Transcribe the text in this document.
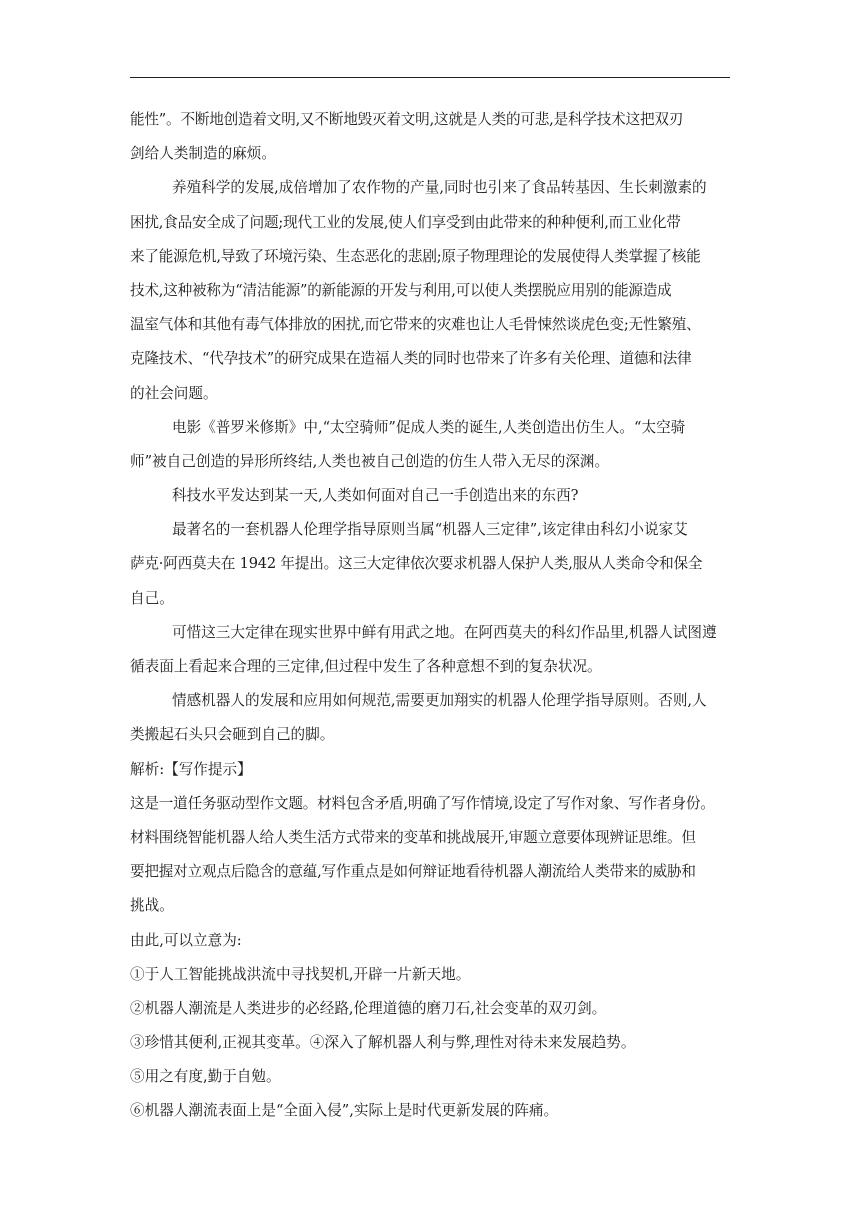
能性”。不断地创造着文明,又不断地毁灭着文明,这就是人类的可悲,是科学技术这把双刃
剑给人类制造的麻烦。
养殖科学的发展,成倍增加了农作物的产量,同时也引来了食品转基因、生长刺激素的
困扰,食品安全成了问题;现代工业的发展,使人们享受到由此带来的种种便利,而工业化带
来了能源危机,导致了环境污染、生态恶化的悲剧;原子物理理论的发展使得人类掌握了核能
技术,这种被称为“清洁能源”的新能源的开发与利用,可以使人类摆脱应用别的能源造成
温室气体和其他有毒气体排放的困扰,而它带来的灾难也让人毛骨悚然谈虎色变;无性繁殖、
克隆技术、“代孕技术”的研究成果在造福人类的同时也带来了许多有关伦理、道德和法律
的社会问题。
电影《普罗米修斯》中,“太空骑师”促成人类的诞生,人类创造出仿生人。“太空骑
师”被自己创造的异形所终结,人类也被自己创造的仿生人带入无尽的深渊。
科技水平发达到某一天,人类如何面对自己一手创造出来的东西?
最著名的一套机器人伦理学指导原则当属“机器人三定律”,该定律由科幻小说家艾
萨克·阿西莫夫在 1942 年提出。这三大定律依次要求机器人保护人类,服从人类命令和保全
自己。
可惜这三大定律在现实世界中鲜有用武之地。在阿西莫夫的科幻作品里,机器人试图遵
循表面上看起来合理的三定律,但过程中发生了各种意想不到的复杂状况。
情感机器人的发展和应用如何规范,需要更加翔实的机器人伦理学指导原则。否则,人
类搬起石头只会砸到自己的脚。
解析:【写作提示】
这是一道任务驱动型作文题。材料包含矛盾,明确了写作情境,设定了写作对象、写作者身份。
材料围绕智能机器人给人类生活方式带来的变革和挑战展开,审题立意要体现辨证思维。但
要把握对立观点后隐含的意蕴,写作重点是如何辩证地看待机器人潮流给人类带来的威胁和
挑战。
由此,可以立意为:
①于人工智能挑战洪流中寻找契机,开辟一片新天地。
②机器人潮流是人类进步的必经路,伦理道德的磨刀石,社会变革的双刃剑。
③珍惜其便利,正视其变革。④深入了解机器人利与弊,理性对待未来发展趋势。
⑤用之有度,勤于自勉。
⑥机器人潮流表面上是“全面入侵”,实际上是时代更新发展的阵痛。
